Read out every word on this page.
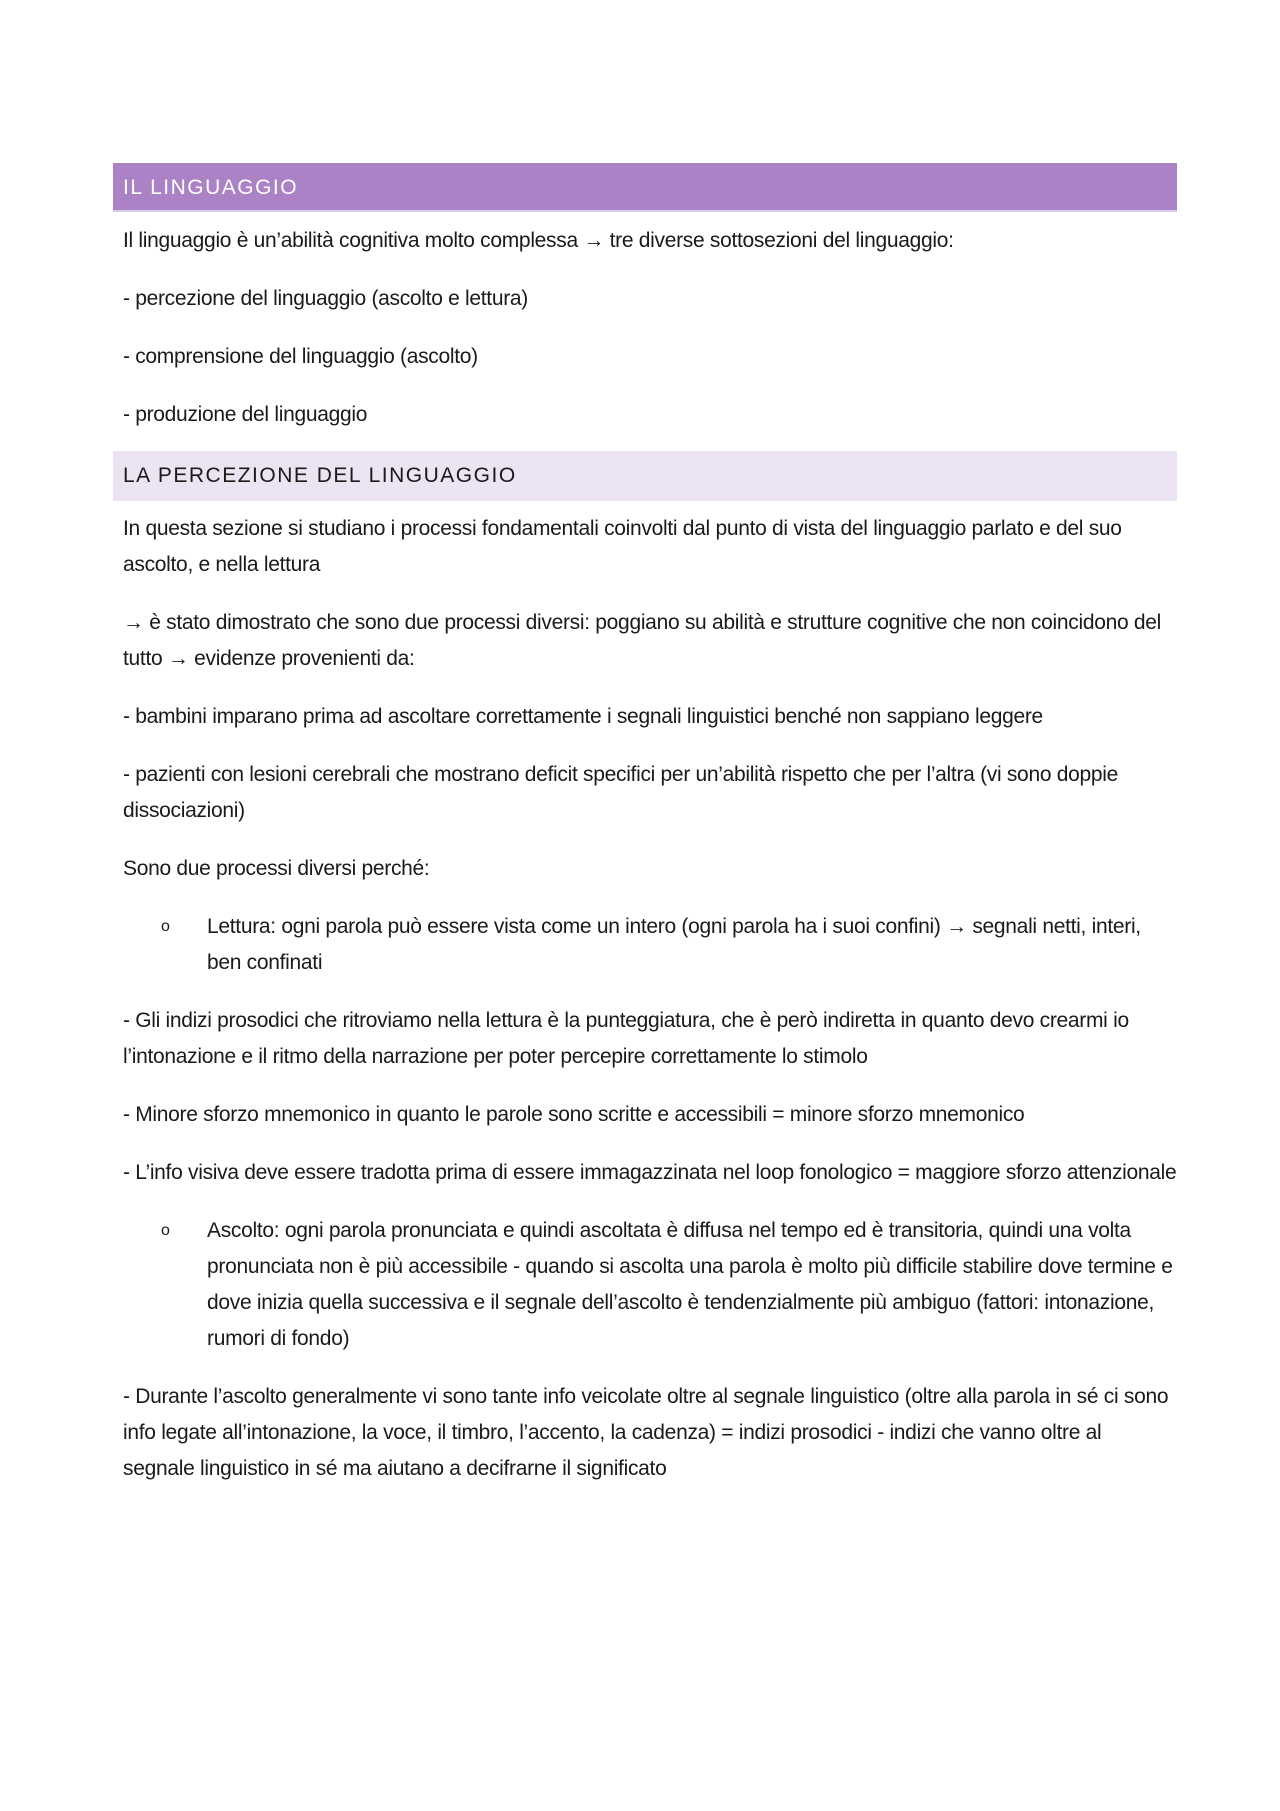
IL LINGUAGGIO

Il linguaggio è un’abilità cognitiva molto complessa → tre diverse sottosezioni del linguaggio:

- percezione del linguaggio (ascolto e lettura)

- comprensione del linguaggio (ascolto)

- produzione del linguaggio

LA PERCEZIONE DEL LINGUAGGIO

In questa sezione si studiano i processi fondamentali coinvolti dal punto di vista del linguaggio parlato e del suo ascolto, e nella lettura

→ è stato dimostrato che sono due processi diversi: poggiano su abilità e strutture cognitive che non coincidono del tutto → evidenze provenienti da:

- bambini imparano prima ad ascoltare correttamente i segnali linguistici benché non sappiano leggere

- pazienti con lesioni cerebrali che mostrano deficit specifici per un’abilità rispetto che per l’altra (vi sono doppie dissociazioni)

Sono due processi diversi perché:

o Lettura: ogni parola può essere vista come un intero (ogni parola ha i suoi confini) → segnali netti, interi, ben confinati

- Gli indizi prosodici che ritroviamo nella lettura è la punteggiatura, che è però indiretta in quanto devo crearmi io l’intonazione e il ritmo della narrazione per poter percepire correttamente lo stimolo

- Minore sforzo mnemonico in quanto le parole sono scritte e accessibili = minore sforzo mnemonico

- L’info visiva deve essere tradotta prima di essere immagazzinata nel loop fonologico = maggiore sforzo attenzionale

o Ascolto: ogni parola pronunciata e quindi ascoltata è diffusa nel tempo ed è transitoria, quindi una volta pronunciata non è più accessibile - quando si ascolta una parola è molto più difficile stabilire dove termine e dove inizia quella successiva e il segnale dell’ascolto è tendenzialmente più ambiguo (fattori: intonazione, rumori di fondo)

- Durante l’ascolto generalmente vi sono tante info veicolate oltre al segnale linguistico (oltre alla parola in sé ci sono info legate all’intonazione, la voce, il timbro, l’accento, la cadenza) = indizi prosodici - indizi che vanno oltre al segnale linguistico in sé ma aiutano a decifrarne il significato
